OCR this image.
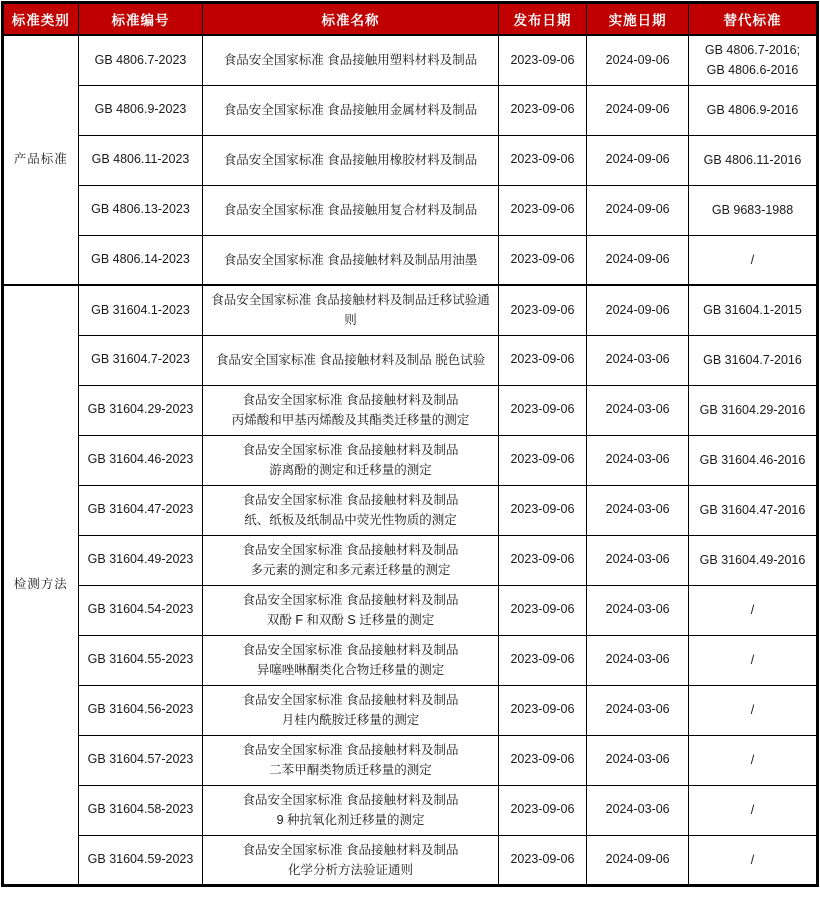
标准类别	标准编号	标准名称	发布日期	实施日期	替代标准
产品标准	GB 4806.7-2023	食品安全国家标准 食品接触用塑料材料及制品	2023-09-06	2024-09-06	GB 4806.7-2016;
GB 4806.6-2016

	GB 4806.9-2023	食品安全国家标准 食品接触用金属材料及制品	2023-09-06	2024-09-06	GB 4806.9-2016

	GB 4806.11-2023	食品安全国家标准 食品接触用橡胶材料及制品	2023-09-06	2024-09-06	GB 4806.11-2016

	GB 4806.13-2023	食品安全国家标准 食品接触用复合材料及制品	2023-09-06	2024-09-06	GB 9683-1988

	GB 4806.14-2023	食品安全国家标准 食品接触材料及制品用油墨	2023-09-06	2024-09-06	/

检测方法	GB 31604.1-2023	食品安全国家标准 食品接触材料及制品迁移试验通则	2023-09-06	2024-09-06	GB 31604.1-2015

	GB 31604.7-2023	食品安全国家标准 食品接触材料及制品 脱色试验	2023-09-06	2024-03-06	GB 31604.7-2016

	GB 31604.29-2023	食品安全国家标准 食品接触材料及制品
丙烯酸和甲基丙烯酸及其酯类迁移量的测定	2023-09-06	2024-03-06	GB 31604.29-2016

	GB 31604.46-2023	食品安全国家标准 食品接触材料及制品
游离酚的测定和迁移量的测定	2023-09-06	2024-03-06	GB 31604.46-2016

	GB 31604.47-2023	食品安全国家标准 食品接触材料及制品
纸、纸板及纸制品中荧光性物质的测定	2023-09-06	2024-03-06	GB 31604.47-2016

	GB 31604.49-2023	食品安全国家标准 食品接触材料及制品
多元素的测定和多元素迁移量的测定	2023-09-06	2024-03-06	GB 31604.49-2016

	GB 31604.54-2023	食品安全国家标准 食品接触材料及制品
双酚 F 和双酚 S 迁移量的测定	2023-09-06	2024-03-06	/

	GB 31604.55-2023	食品安全国家标准 食品接触材料及制品
异噻唑啉酮类化合物迁移量的测定	2023-09-06	2024-03-06	/

	GB 31604.56-2023	食品安全国家标准 食品接触材料及制品
月桂内酰胺迁移量的测定	2023-09-06	2024-03-06	/

	GB 31604.57-2023	食品安全国家标准 食品接触材料及制品
二苯甲酮类物质迁移量的测定	2023-09-06	2024-03-06	/

	GB 31604.58-2023	食品安全国家标准 食品接触材料及制品
9 种抗氧化剂迁移量的测定	2023-09-06	2024-03-06	/

	GB 31604.59-2023	食品安全国家标准 食品接触材料及制品
化学分析方法验证通则	2023-09-06	2024-09-06	/
